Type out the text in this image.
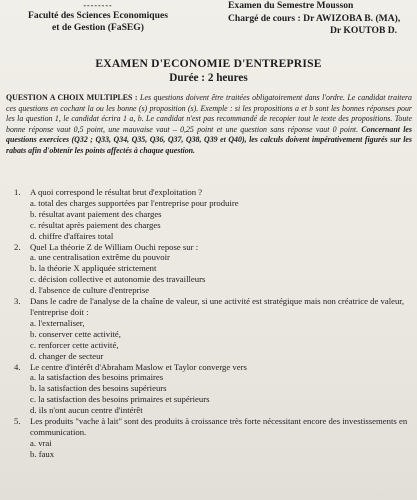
--------
Faculté des Sciences Economiques
et de Gestion (FaSEG)
Examen du Semestre Mousson
Chargé de cours : Dr AWIZOBA B. (MA),
Dr KOUTOB D.
EXAMEN D'ECONOMIE D'ENTREPRISE
Durée : 2 heures
QUESTION A CHOIX MULTIPLES : Les questions doivent être traitées obligatoirement dans l'ordre. Le candidat traitera ces questions en cochant la ou les bonne (s) proposition (s). Exemple : si les propositions a et b sont les bonnes réponses pour les la question 1, le candidat écrira 1 a, b. Le candidat n'est pas recommandé de recopier tout le texte des propositions. Toute bonne réponse vaut 0,5 point, une mauvaise vaut – 0,25 point et une question sans réponse vaut 0 point. Concernant les questions exercices (Q32 ; Q33, Q34, Q35, Q36, Q37, Q38, Q39 et Q40), les calculs doivent impérativement figurés sur les rabats afin d'obtenir les points affectés à chaque question.
1. A quoi correspond le résultat brut d'exploitation ?
a. total des charges supportées par l'entreprise pour produire
b. résultat avant paiement des charges
c. résultat après paiement des charges
d. chiffre d'affaires total
2. Quel La théorie Z de William Ouchi repose sur :
a. une centralisation extrême du pouvoir
b. la théorie X appliquée strictement
c. décision collective et autonomie des travailleurs
d. l'absence de culture d'entreprise
3. Dans le cadre de l'analyse de la chaîne de valeur, si une activité est stratégique mais non créatrice de valeur, l'entreprise doit :
a. l'externaliser,
b. conserver cette activité,
c. renforcer cette activité,
d. changer de secteur
4. Le centre d'intérêt d'Abraham Maslow et Taylor converge vers
a. la satisfaction des besoins primaires
b. la satisfaction des besoins supérieurs
c. la satisfaction des besoins primaires et supérieurs
d. ils n'ont aucun centre d'intérêt
5. Les produits "vache à lait" sont des produits à croissance très forte nécessitant encore des investissements en communication.
a. vrai
b. faux
